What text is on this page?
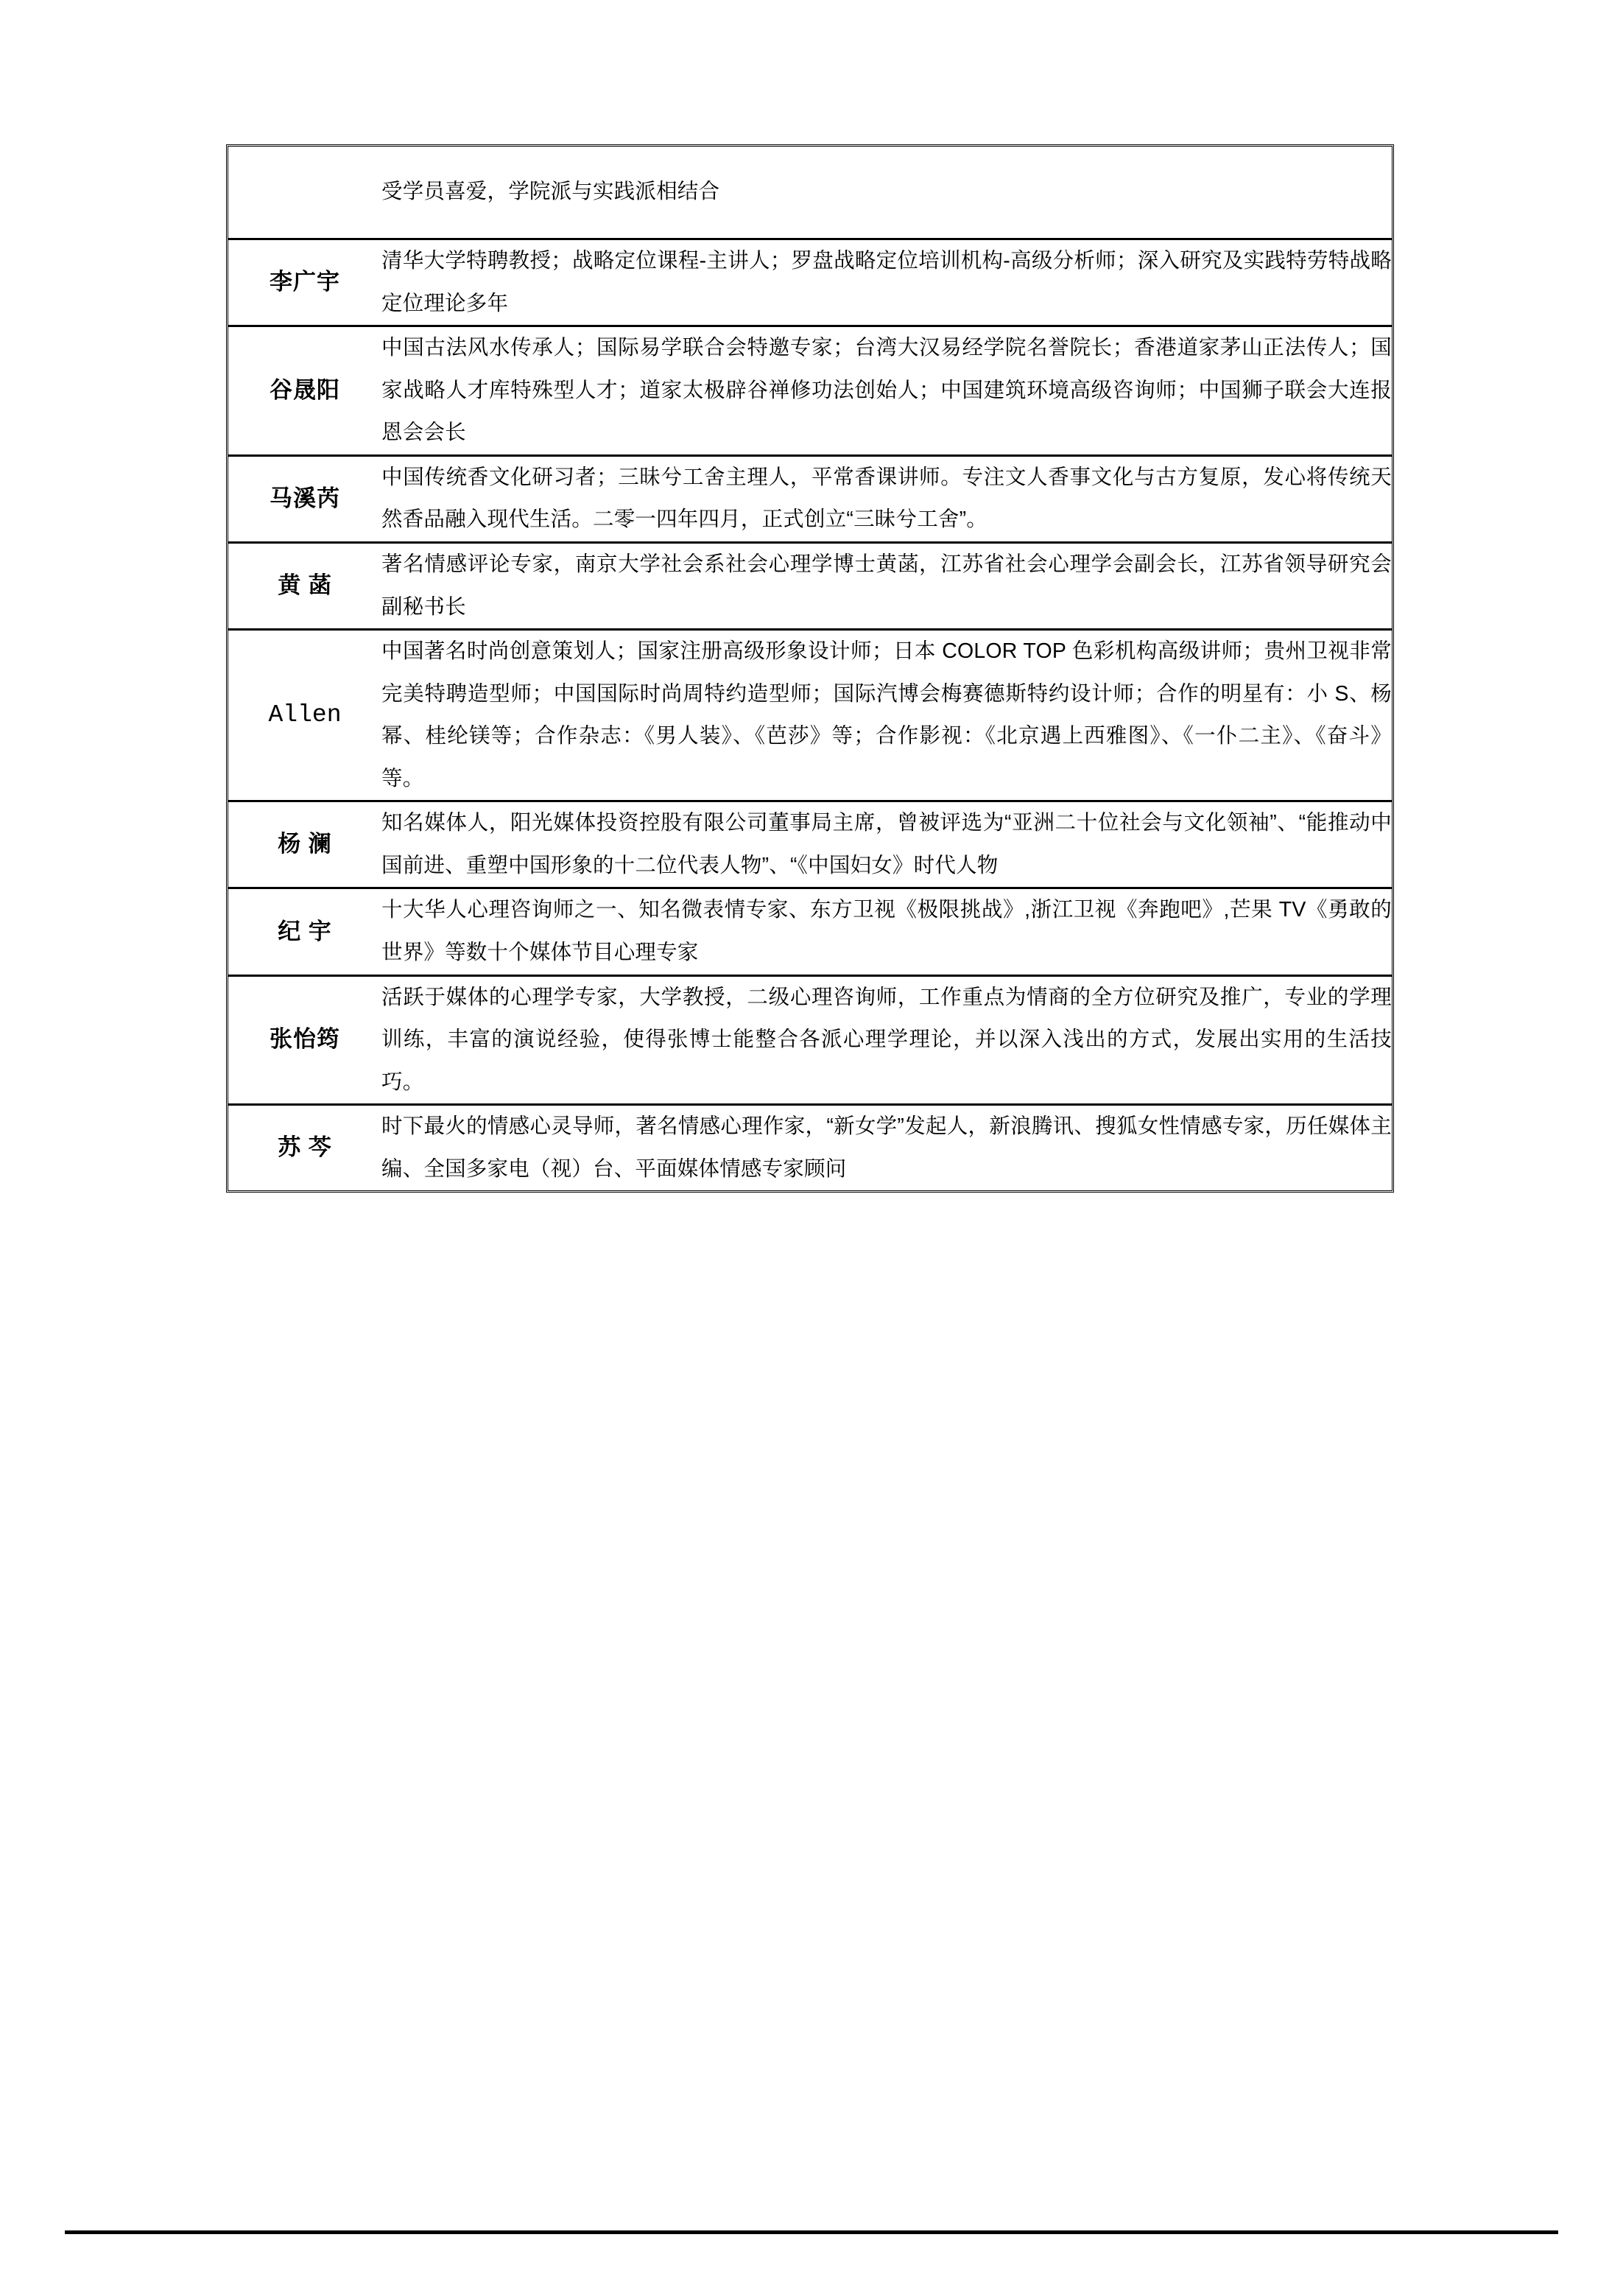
	受学员喜爱，学院派与实践派相结合
李广宇	清华大学特聘教授；战略定位课程-主讲人；罗盘战略定位培训机构-高级分析师；深入研究及实践特劳特战略定位理论多年
谷晟阳	中国古法风水传承人；国际易学联合会特邀专家；台湾大汉易经学院名誉院长；香港道家茅山正法传人；国家战略人才库特殊型人才；道家太极辟谷禅修功法创始人；中国建筑环境高级咨询师；中国狮子联会大连报恩会会长
马溪芮	中国传统香文化研习者；三昧兮工舍主理人，平常香课讲师。专注文人香事文化与古方复原，发心将传统天然香品融入现代生活。二零一四年四月，正式创立“三昧兮工舍”。
黄 菡	著名情感评论专家，南京大学社会系社会心理学博士黄菡，江苏省社会心理学会副会长，江苏省领导研究会副秘书长
Allen	中国著名时尚创意策划人；国家注册高级形象设计师；日本 COLOR TOP 色彩机构高级讲师；贵州卫视非常完美特聘造型师；中国国际时尚周特约造型师；国际汽博会梅赛德斯特约设计师；合作的明星有：小 S、杨幂、桂纶镁等；合作杂志：《男人装》、《芭莎》等；合作影视：《北京遇上西雅图》、《一仆二主》、《奋斗》等。
杨 澜	知名媒体人，阳光媒体投资控股有限公司董事局主席，曾被评选为“亚洲二十位社会与文化领袖”、“能推动中国前进、重塑中国形象的十二位代表人物”、“《中国妇女》时代人物
纪 宇	十大华人心理咨询师之一、知名微表情专家、东方卫视《极限挑战》,浙江卫视《奔跑吧》,芒果 TV《勇敢的世界》等数十个媒体节目心理专家
张怡筠	活跃于媒体的心理学专家，大学教授，二级心理咨询师，工作重点为情商的全方位研究及推广，专业的学理训练，丰富的演说经验，使得张博士能整合各派心理学理论，并以深入浅出的方式，发展出实用的生活技巧。
苏 芩	时下最火的情感心灵导师，著名情感心理作家，“新女学”发起人，新浪腾讯、搜狐女性情感专家，历任媒体主编、全国多家电（视）台、平面媒体情感专家顾问
